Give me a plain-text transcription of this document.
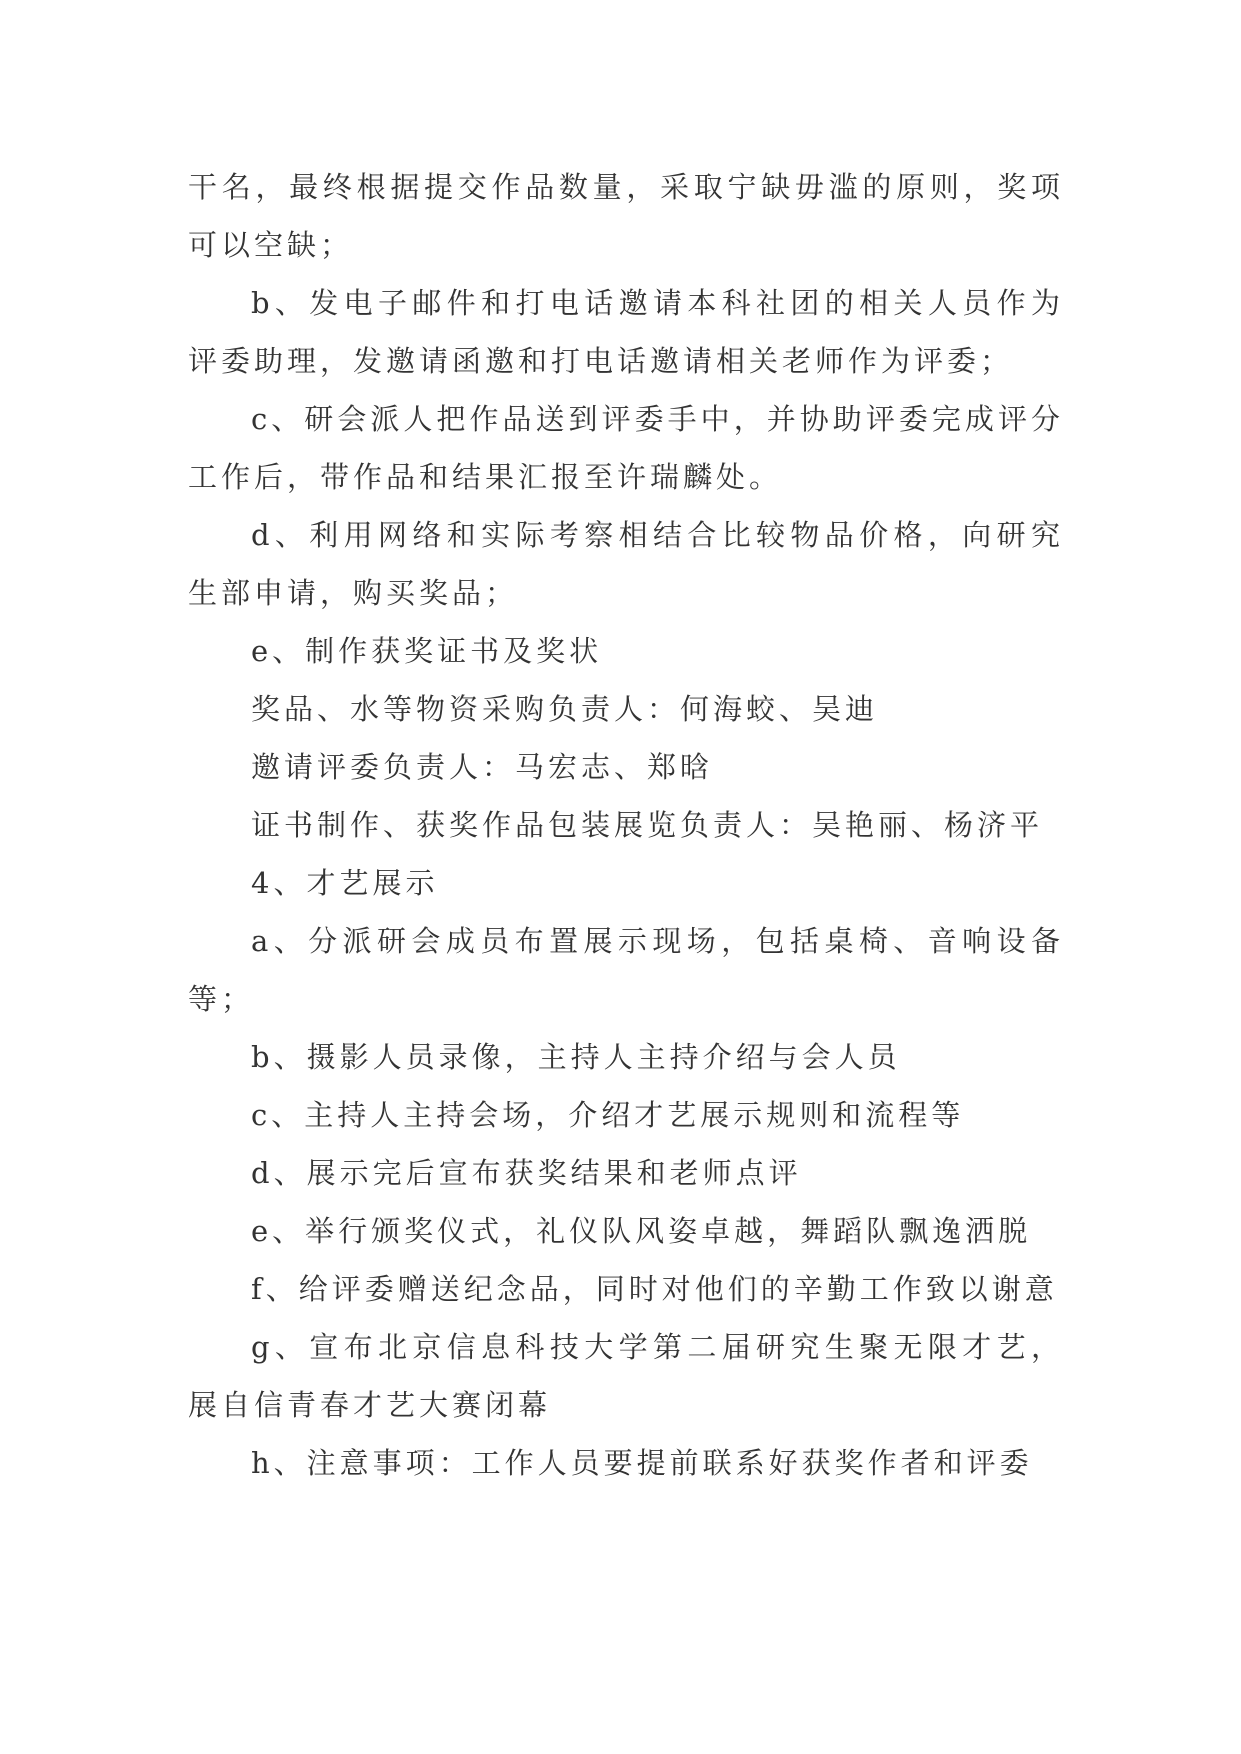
干名，最终根据提交作品数量，采取宁缺毋滥的原则，奖项可以空缺；

b、发电子邮件和打电话邀请本科社团的相关人员作为评委助理，发邀请函邀和打电话邀请相关老师作为评委；

c、研会派人把作品送到评委手中，并协助评委完成评分工作后，带作品和结果汇报至许瑞麟处。

d、利用网络和实际考察相结合比较物品价格，向研究生部申请，购买奖品；

e、制作获奖证书及奖状

奖品、水等物资采购负责人：何海蛟、吴迪

邀请评委负责人：马宏志、郑晗

证书制作、获奖作品包装展览负责人：吴艳丽、杨济平

4、才艺展示

a、分派研会成员布置展示现场，包括桌椅、音响设备等；

b、摄影人员录像，主持人主持介绍与会人员

c、主持人主持会场，介绍才艺展示规则和流程等

d、展示完后宣布获奖结果和老师点评

e、举行颁奖仪式，礼仪队风姿卓越，舞蹈队飘逸洒脱

f、给评委赠送纪念品，同时对他们的辛勤工作致以谢意

g、宣布北京信息科技大学第二届研究生聚无限才艺，展自信青春才艺大赛闭幕

h、注意事项：工作人员要提前联系好获奖作者和评委
